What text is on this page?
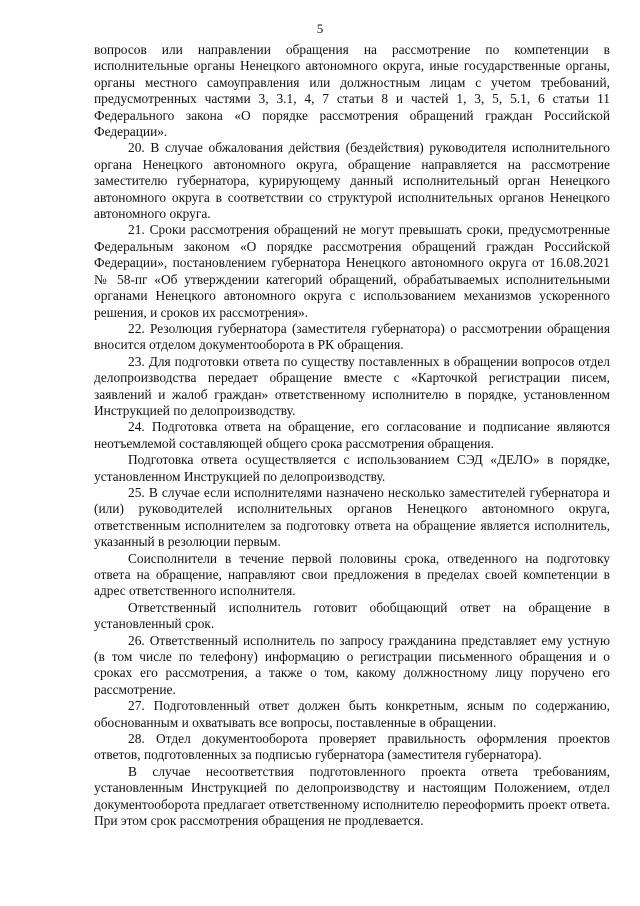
5

вопросов или направлении обращения на рассмотрение по компетенции в исполнительные органы Ненецкого автономного округа, иные государственные органы, органы местного самоуправления или должностным лицам с учетом требований, предусмотренных частями 3, 3.1, 4, 7 статьи 8 и частей 1, 3, 5, 5.1, 6 статьи 11 Федерального закона «О порядке рассмотрения обращений граждан Российской Федерации».

20. В случае обжалования действия (бездействия) руководителя исполнительного органа Ненецкого автономного округа, обращение направляется на рассмотрение заместителю губернатора, курирующему данный исполнительный орган Ненецкого автономного округа в соответствии со структурой исполнительных органов Ненецкого автономного округа.

21. Сроки рассмотрения обращений не могут превышать сроки, предусмотренные Федеральным законом «О порядке рассмотрения обращений граждан Российской Федерации», постановлением губернатора Ненецкого автономного округа от 16.08.2021 № 58-пг «Об утверждении категорий обращений, обрабатываемых исполнительными органами Ненецкого автономного округа с использованием механизмов ускоренного решения, и сроков их рассмотрения».

22. Резолюция губернатора (заместителя губернатора) о рассмотрении обращения вносится отделом документооборота в РК обращения.

23. Для подготовки ответа по существу поставленных в обращении вопросов отдел делопроизводства передает обращение вместе с «Карточкой регистрации писем, заявлений и жалоб граждан» ответственному исполнителю в порядке, установленном Инструкцией по делопроизводству.

24. Подготовка ответа на обращение, его согласование и подписание являются неотъемлемой составляющей общего срока рассмотрения обращения.

Подготовка ответа осуществляется с использованием СЭД «ДЕЛО» в порядке, установленном Инструкцией по делопроизводству.

25. В случае если исполнителями назначено несколько заместителей губернатора и (или) руководителей исполнительных органов Ненецкого автономного округа, ответственным исполнителем за подготовку ответа на обращение является исполнитель, указанный в резолюции первым.

Соисполнители в течение первой половины срока, отведенного на подготовку ответа на обращение, направляют свои предложения в пределах своей компетенции в адрес ответственного исполнителя.

Ответственный исполнитель готовит обобщающий ответ на обращение в установленный срок.

26. Ответственный исполнитель по запросу гражданина представляет ему устную (в том числе по телефону) информацию о регистрации письменного обращения и о сроках его рассмотрения, а также о том, какому должностному лицу поручено его рассмотрение.

27. Подготовленный ответ должен быть конкретным, ясным по содержанию, обоснованным и охватывать все вопросы, поставленные в обращении.

28. Отдел документооборота проверяет правильность оформления проектов ответов, подготовленных за подписью губернатора (заместителя губернатора).

В случае несоответствия подготовленного проекта ответа требованиям, установленным Инструкцией по делопроизводству и настоящим Положением, отдел документооборота предлагает ответственному исполнителю переоформить проект ответа. При этом срок рассмотрения обращения не продлевается.
